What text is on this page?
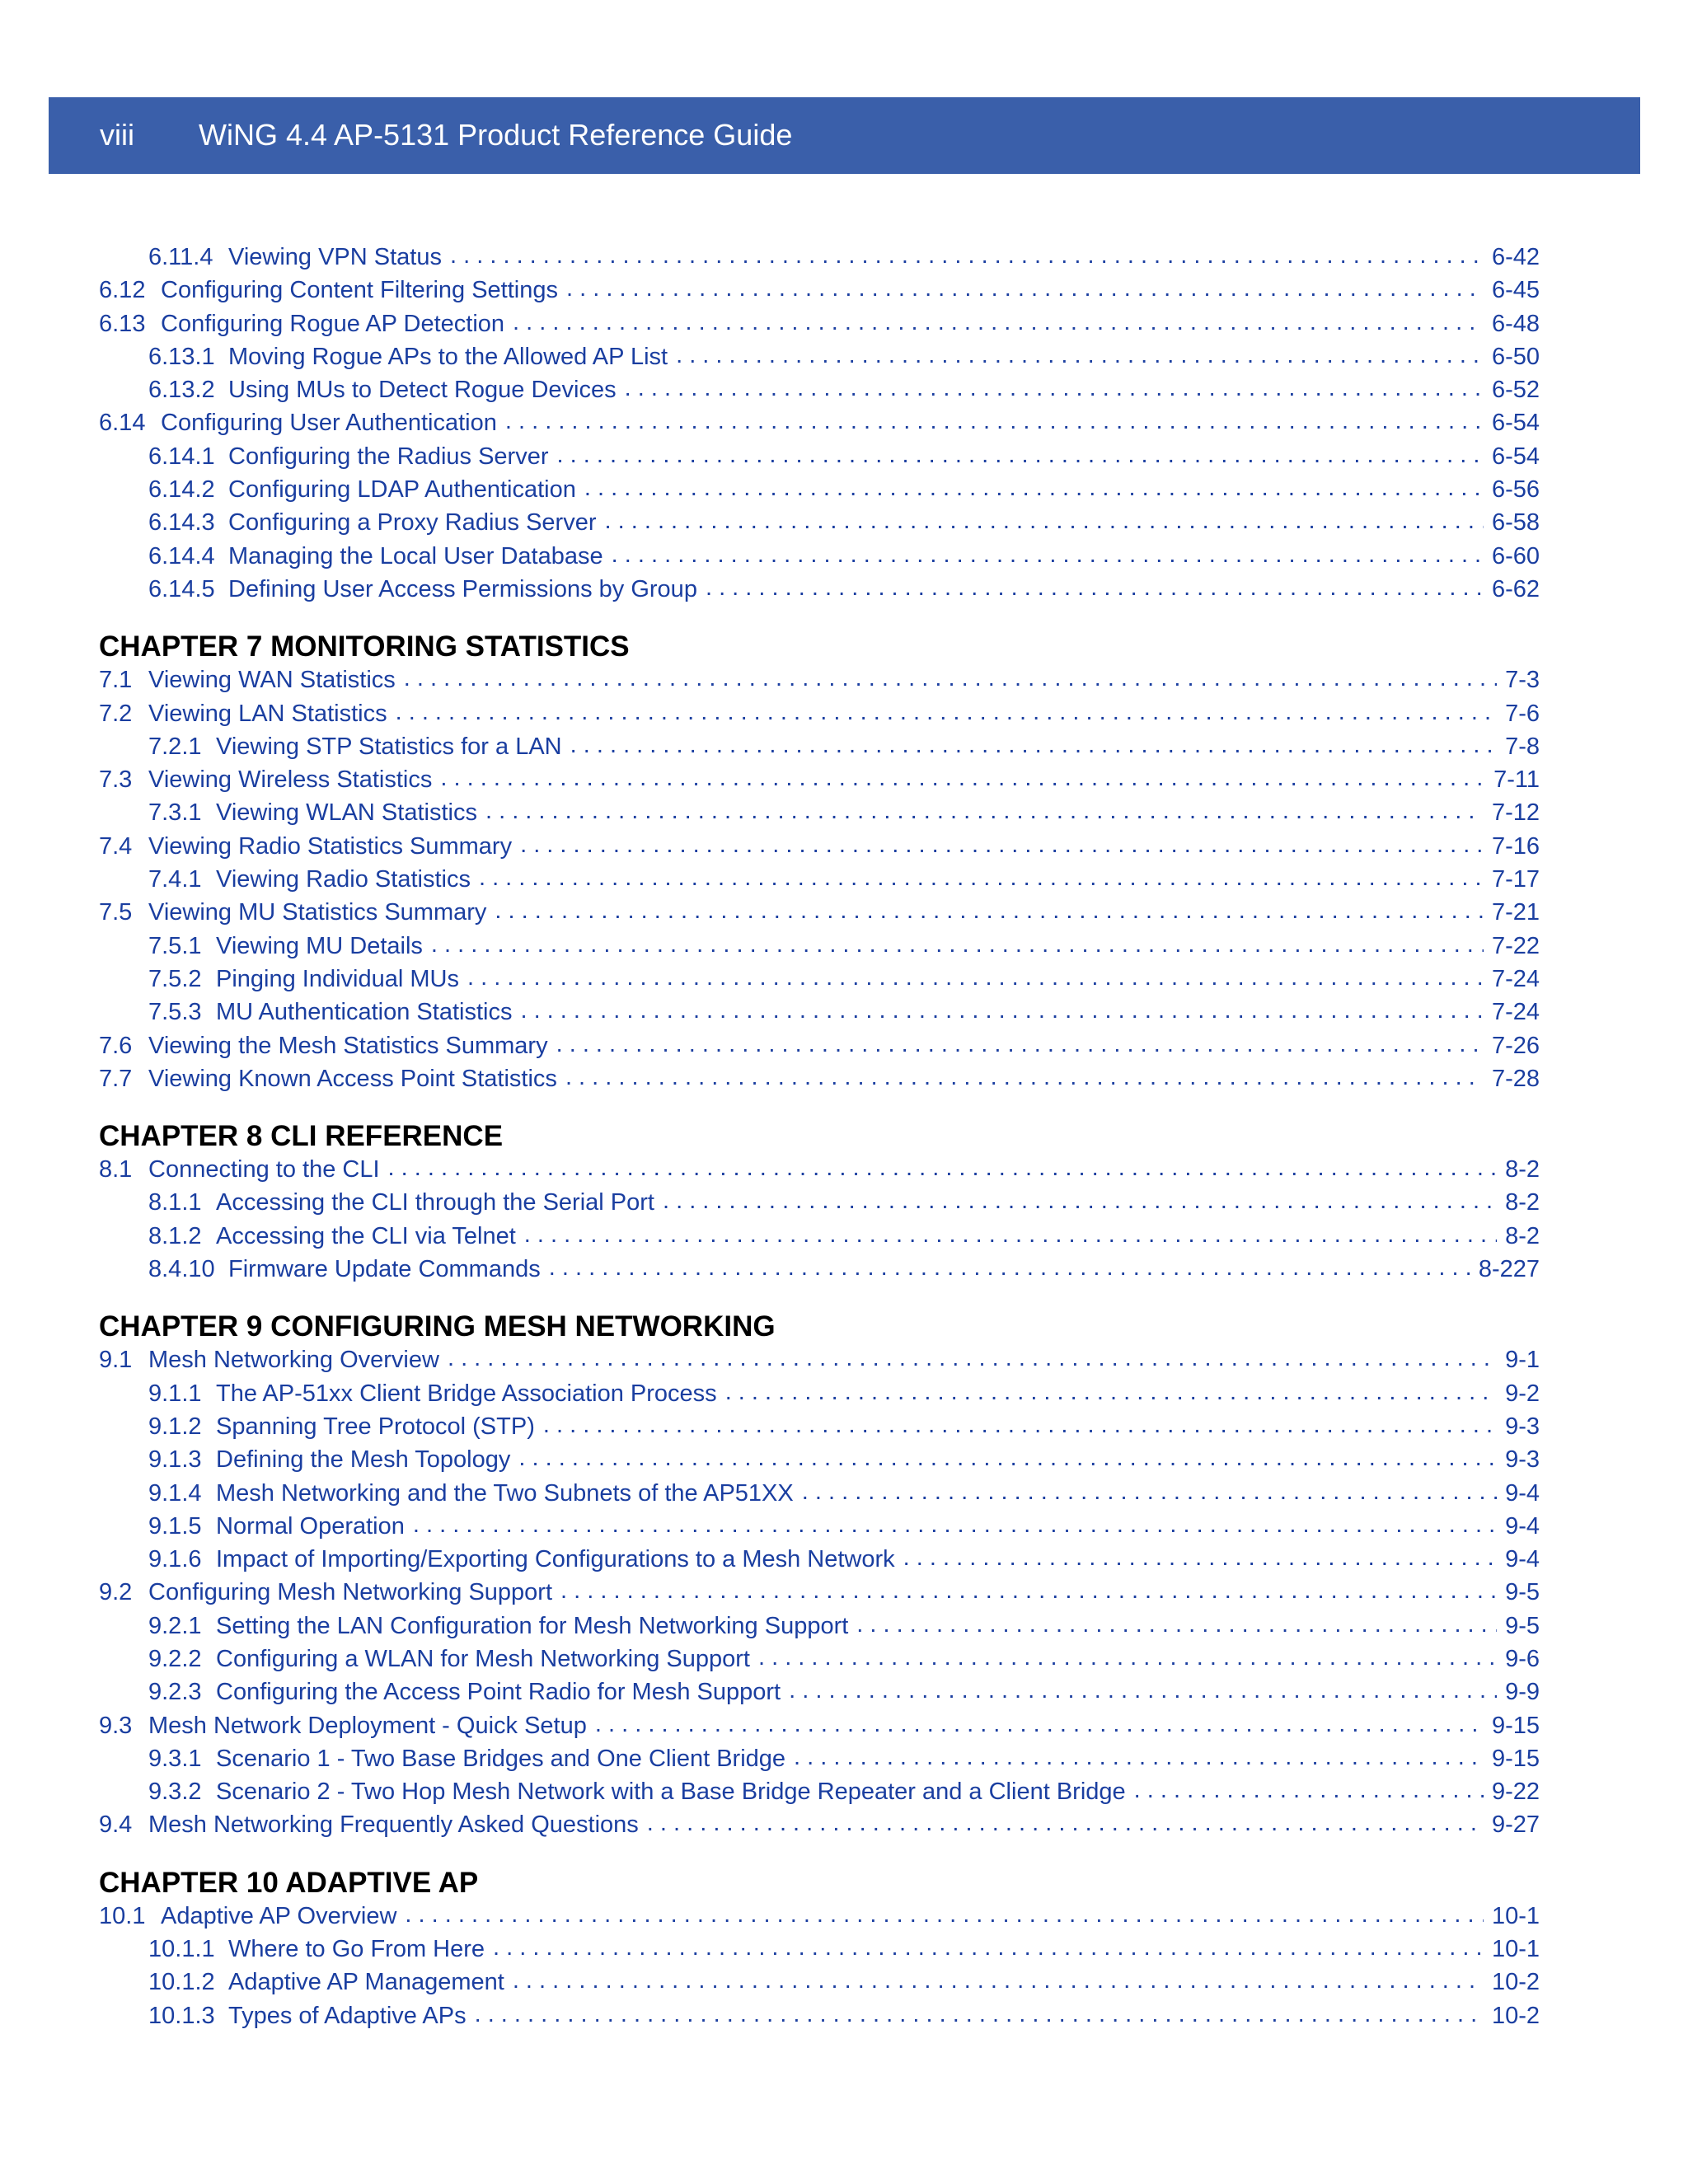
viii WiNG 4.4 AP-5131 Product Reference Guide
6.11.4 Viewing VPN Status . . .	6-42
6.12 Configuring Content Filtering Settings . . .	6-45
6.13 Configuring Rogue AP Detection . . .	6-48
6.13.1 Moving Rogue APs to the Allowed AP List . . .	6-50
6.13.2 Using MUs to Detect Rogue Devices . . .	6-52
6.14 Configuring User Authentication . . .	6-54
6.14.1 Configuring the Radius Server . . .	6-54
6.14.2 Configuring LDAP Authentication . . .	6-56
6.14.3 Configuring a Proxy Radius Server . . .	6-58
6.14.4 Managing the Local User Database . . .	6-60
6.14.5 Defining User Access Permissions by Group . . .	6-62
CHAPTER 7 MONITORING STATISTICS
7.1 Viewing WAN Statistics . . .	7-3
7.2 Viewing LAN Statistics . . .	7-6
7.2.1 Viewing STP Statistics for a LAN . . .	7-8
7.3 Viewing Wireless Statistics . . .	7-11
7.3.1 Viewing WLAN Statistics . . .	7-12
7.4 Viewing Radio Statistics Summary . . .	7-16
7.4.1 Viewing Radio Statistics . . .	7-17
7.5 Viewing MU Statistics Summary . . .	7-21
7.5.1 Viewing MU Details . . .	7-22
7.5.2 Pinging Individual MUs . . .	7-24
7.5.3 MU Authentication Statistics . . .	7-24
7.6 Viewing the Mesh Statistics Summary . . .	7-26
7.7 Viewing Known Access Point Statistics . . .	7-28
CHAPTER 8 CLI REFERENCE
8.1 Connecting to the CLI . . .	8-2
8.1.1 Accessing the CLI through the Serial Port . . .	8-2
8.1.2 Accessing the CLI via Telnet . . .	8-2
8.4.10 Firmware Update Commands . . .	8-227
CHAPTER 9 CONFIGURING MESH NETWORKING
9.1 Mesh Networking Overview . . .	9-1
9.1.1 The AP-51xx Client Bridge Association Process . . .	9-2
9.1.2 Spanning Tree Protocol (STP) . . .	9-3
9.1.3 Defining the Mesh Topology . . .	9-3
9.1.4 Mesh Networking and the Two Subnets of the AP51XX . . .	9-4
9.1.5 Normal Operation . . .	9-4
9.1.6 Impact of Importing/Exporting Configurations to a Mesh Network . . .	9-4
9.2 Configuring Mesh Networking Support . . .	9-5
9.2.1 Setting the LAN Configuration for Mesh Networking Support . . .	9-5
9.2.2 Configuring a WLAN for Mesh Networking Support . . .	9-6
9.2.3 Configuring the Access Point Radio for Mesh Support . . .	9-9
9.3 Mesh Network Deployment - Quick Setup . . .	9-15
9.3.1 Scenario 1 - Two Base Bridges and One Client Bridge . . .	9-15
9.3.2 Scenario 2 - Two Hop Mesh Network with a Base Bridge Repeater and a Client Bridge . . .	9-22
9.4 Mesh Networking Frequently Asked Questions . . .	9-27
CHAPTER 10 ADAPTIVE AP
10.1 Adaptive AP Overview . . .	10-1
10.1.1 Where to Go From Here . . .	10-1
10.1.2 Adaptive AP Management . . .	10-2
10.1.3 Types of Adaptive APs . . .	10-2
